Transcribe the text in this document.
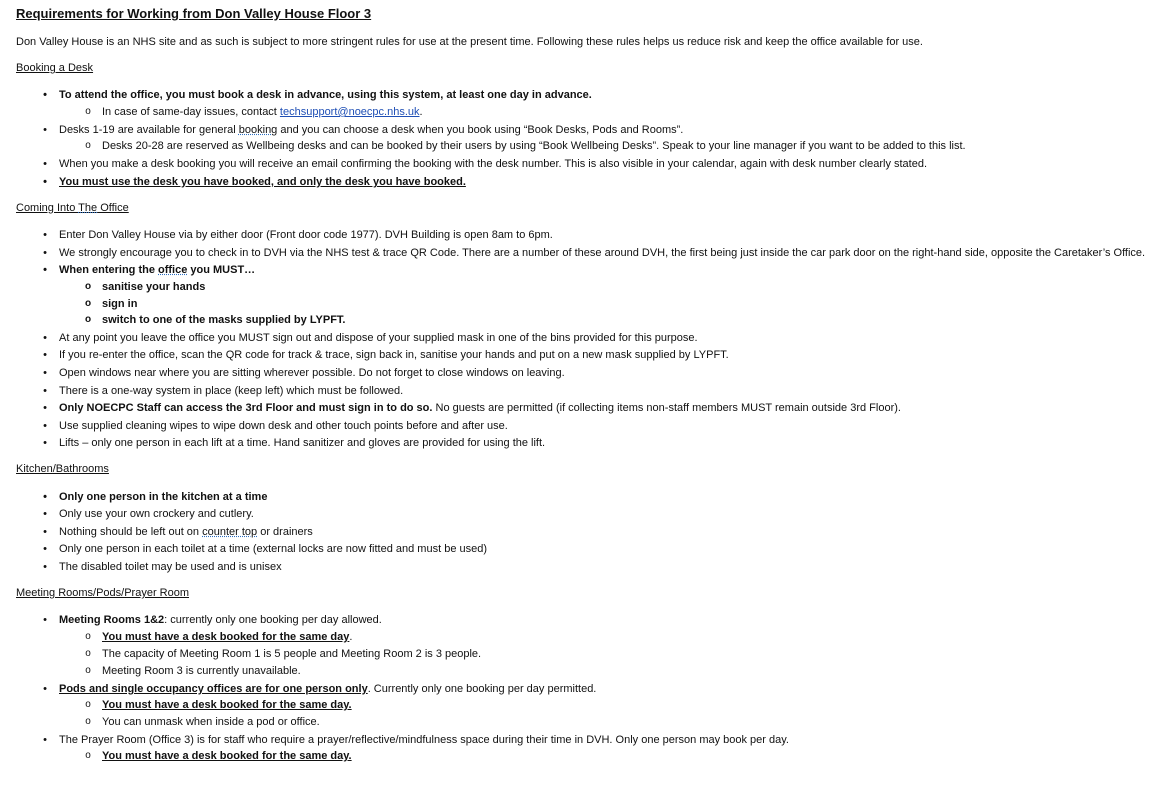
Requirements for Working from Don Valley House Floor 3
Don Valley House is an NHS site and as such is subject to more stringent rules for use at the present time. Following these rules helps us reduce risk and keep the office available for use.
Booking a Desk
•	To attend the office, you must book a desk in advance, using this system, at least one day in advance.
o In case of same-day issues, contact techsupport@noecpc.nhs.uk.
•	Desks 1-19 are available for general booking and you can choose a desk when you book using “Book Desks, Pods and Rooms”.
o Desks 20-28 are reserved as Wellbeing desks and can be booked by their users by using “Book Wellbeing Desks”. Speak to your line manager if you want to be added to this list.
•	When you make a desk booking you will receive an email confirming the booking with the desk number. This is also visible in your calendar, again with desk number clearly stated.
•	You must use the desk you have booked, and only the desk you have booked.
Coming Into The Office
•	Enter Don Valley House via by either door (Front door code 1977). DVH Building is open 8am to 6pm.
•	We strongly encourage you to check in to DVH via the NHS test & trace QR Code. There are a number of these around DVH, the first being just inside the car park door on the right-hand side, opposite the Caretaker’s Office.
•	When entering the office you MUST…
o sanitise your hands
o sign in
o switch to one of the masks supplied by LYPFT.
•	At any point you leave the office you MUST sign out and dispose of your supplied mask in one of the bins provided for this purpose.
•	If you re-enter the office, scan the QR code for track & trace, sign back in, sanitise your hands and put on a new mask supplied by LYPFT.
•	Open windows near where you are sitting wherever possible. Do not forget to close windows on leaving.
•	There is a one-way system in place (keep left) which must be followed.
•	Only NOECPC Staff can access the 3rd Floor and must sign in to do so. No guests are permitted (if collecting items non-staff members MUST remain outside 3rd Floor).
•	Use supplied cleaning wipes to wipe down desk and other touch points before and after use.
•	Lifts – only one person in each lift at a time. Hand sanitizer and gloves are provided for using the lift.
Kitchen/Bathrooms
•	Only one person in the kitchen at a time
•	Only use your own crockery and cutlery.
•	Nothing should be left out on counter top or drainers
•	Only one person in each toilet at a time (external locks are now fitted and must be used)
•	The disabled toilet may be used and is unisex
Meeting Rooms/Pods/Prayer Room
•	Meeting Rooms 1&2: currently only one booking per day allowed.
o You must have a desk booked for the same day.
o The capacity of Meeting Room 1 is 5 people and Meeting Room 2 is 3 people.
o Meeting Room 3 is currently unavailable.
•	Pods and single occupancy offices are for one person only. Currently only one booking per day permitted.
o You must have a desk booked for the same day.
o You can unmask when inside a pod or office.
•	The Prayer Room (Office 3) is for staff who require a prayer/reflective/mindfulness space during their time in DVH. Only one person may book per day.
o You must have a desk booked for the same day.
